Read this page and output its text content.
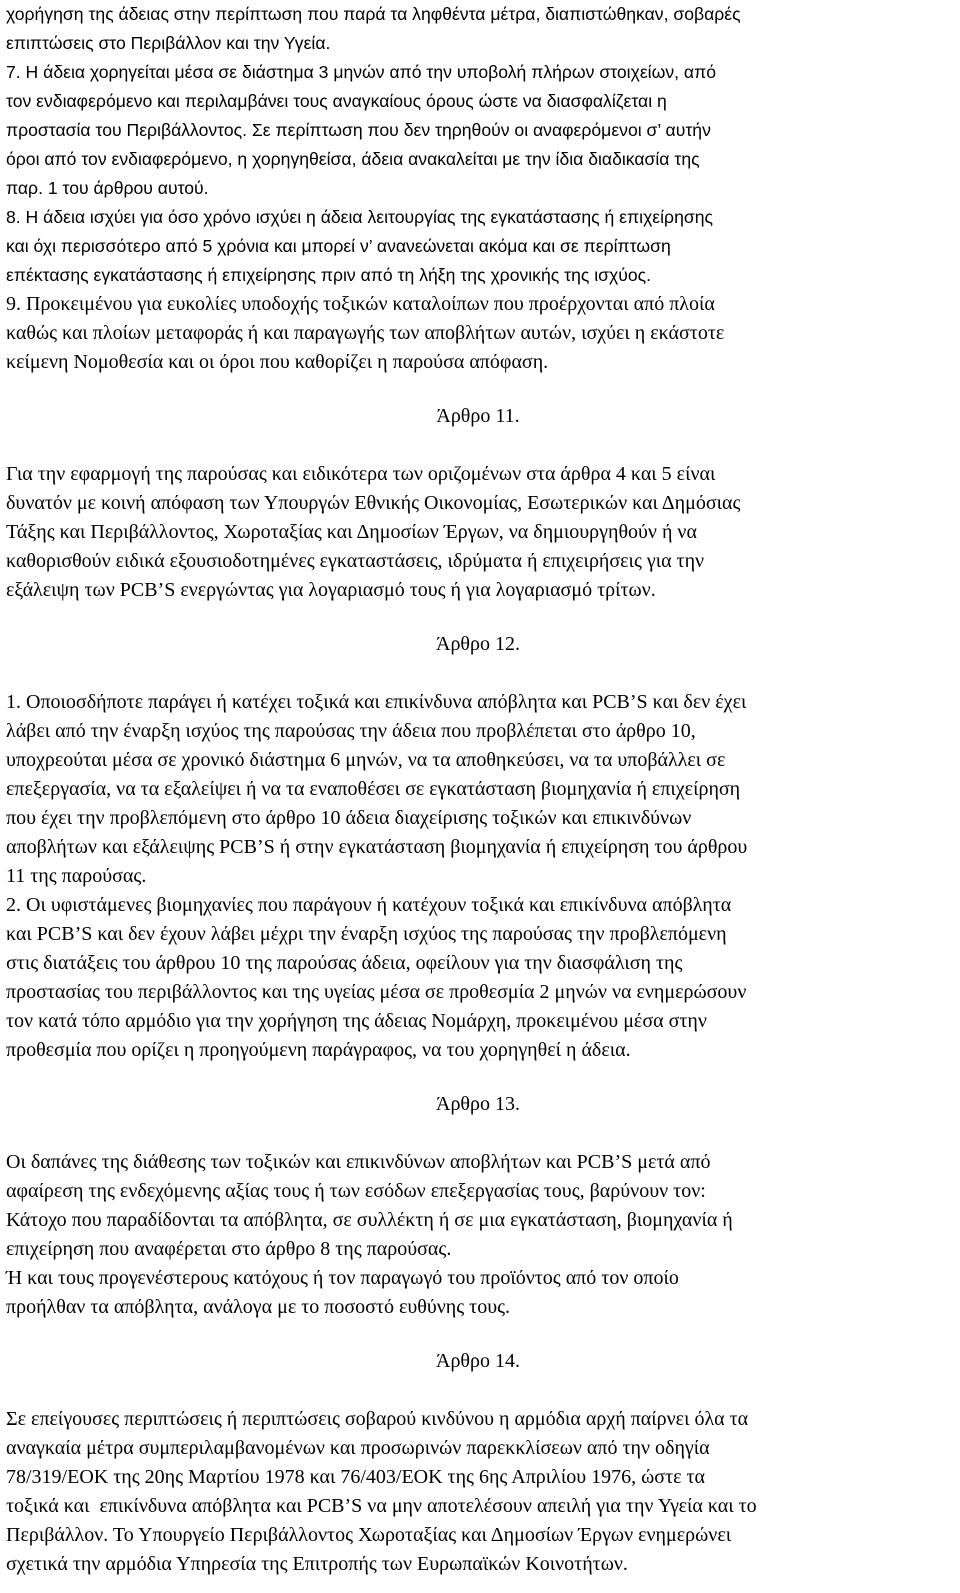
χορήγηση της άδειας στην περίπτωση που παρά τα ληφθέντα μέτρα, διαπιστώθηκαν, σοβαρές
επιπτώσεις στο Περιβάλλον και την Υγεία.
7. Η άδεια χορηγείται μέσα σε διάστημα 3 μηνών από την υποβολή πλήρων στοιχείων, από
τον ενδιαφερόμενο και περιλαμβάνει τους αναγκαίους όρους ώστε να διασφαλίζεται η
προστασία του Περιβάλλοντος. Σε περίπτωση που δεν τηρηθούν οι αναφερόμενοι σ’ αυτήν
όροι από τον ενδιαφερόμενο, η χορηγηθείσα, άδεια ανακαλείται με την ίδια διαδικασία της
παρ. 1 του άρθρου αυτού.
8. Η άδεια ισχύει για όσο χρόνο ισχύει η άδεια λειτουργίας της εγκατάστασης ή επιχείρησης
και όχι περισσότερο από 5 χρόνια και μπορεί ν’ ανανεώνεται ακόμα και σε περίπτωση
επέκτασης εγκατάστασης ή επιχείρησης πριν από τη λήξη της χρονικής της ισχύος.
9. Προκειμένου για ευκολίες υποδοχής τοξικών καταλοίπων που προέρχονται από πλοία
καθώς και πλοίων μεταφοράς ή και παραγωγής των αποβλήτων αυτών, ισχύει η εκάστοτε
κείμενη Νομοθεσία και οι όροι που καθορίζει η παρούσα απόφαση.
Άρθρο 11.
Για την εφαρμογή της παρούσας και ειδικότερα των οριζομένων στα άρθρα 4 και 5 είναι
δυνατόν με κοινή απόφαση των Υπουργών Εθνικής Οικονομίας, Εσωτερικών και Δημόσιας
Τάξης και Περιβάλλοντος, Χωροταξίας και Δημοσίων Έργων, να δημιουργηθούν ή να
καθορισθούν ειδικά εξουσιοδοτημένες εγκαταστάσεις, ιδρύματα ή επιχειρήσεις για την
εξάλειψη των PCB’S ενεργώντας για λογαριασμό τους ή για λογαριασμό τρίτων.
Άρθρο 12.
1. Οποιοσδήποτε παράγει ή κατέχει τοξικά και επικίνδυνα απόβλητα και PCB’S και δεν έχει
λάβει από την έναρξη ισχύος της παρούσας την άδεια που προβλέπεται στο άρθρο 10,
υποχρεούται μέσα σε χρονικό διάστημα 6 μηνών, να τα αποθηκεύσει, να τα υποβάλλει σε
επεξεργασία, να τα εξαλείψει ή να τα εναποθέσει σε εγκατάσταση βιομηχανία ή επιχείρηση
που έχει την προβλεπόμενη στο άρθρο 10 άδεια διαχείρισης τοξικών και επικινδύνων
αποβλήτων και εξάλειψης PCB’S ή στην εγκατάσταση βιομηχανία ή επιχείρηση του άρθρου
11 της παρούσας.
2. Οι υφιστάμενες βιομηχανίες που παράγουν ή κατέχουν τοξικά και επικίνδυνα απόβλητα
και PCB’S και δεν έχουν λάβει μέχρι την έναρξη ισχύος της παρούσας την προβλεπόμενη
στις διατάξεις του άρθρου 10 της παρούσας άδεια, οφείλουν για την διασφάλιση της
προστασίας του περιβάλλοντος και της υγείας μέσα σε προθεσμία 2 μηνών να ενημερώσουν
τον κατά τόπο αρμόδιο για την χορήγηση της άδειας Νομάρχη, προκειμένου μέσα στην
προθεσμία που ορίζει η προηγούμενη παράγραφος, να του χορηγηθεί η άδεια.
Άρθρο 13.
Οι δαπάνες της διάθεσης των τοξικών και επικινδύνων αποβλήτων και PCB’S μετά από
αφαίρεση της ενδεχόμενης αξίας τους ή των εσόδων επεξεργασίας τους, βαρύνουν τον:
Κάτοχο που παραδίδονται τα απόβλητα, σε συλλέκτη ή σε μια εγκατάσταση, βιομηχανία ή
επιχείρηση που αναφέρεται στο άρθρο 8 της παρούσας.
Ή και τους προγενέστερους κατόχους ή τον παραγωγό του προϊόντος από τον οποίο
προήλθαν τα απόβλητα, ανάλογα με το ποσοστό ευθύνης τους.
Άρθρο 14.
Σε επείγουσες περιπτώσεις ή περιπτώσεις σοβαρού κινδύνου η αρμόδια αρχή παίρνει όλα τα
αναγκαία μέτρα συμπεριλαμβανομένων και προσωρινών παρεκκλίσεων από την οδηγία
78/319/ΕΟΚ της 20ης Μαρτίου 1978 και 76/403/ΕΟΚ της 6ης Απριλίου 1976, ώστε τα
τοξικά και  επικίνδυνα απόβλητα και PCB’S να μην αποτελέσουν απειλή για την Υγεία και το
Περιβάλλον. Το Υπουργείο Περιβάλλοντος Χωροταξίας και Δημοσίων Έργων ενημερώνει
σχετικά την αρμόδια Υπηρεσία της Επιτροπής των Ευρωπαϊκών Κοινοτήτων.
